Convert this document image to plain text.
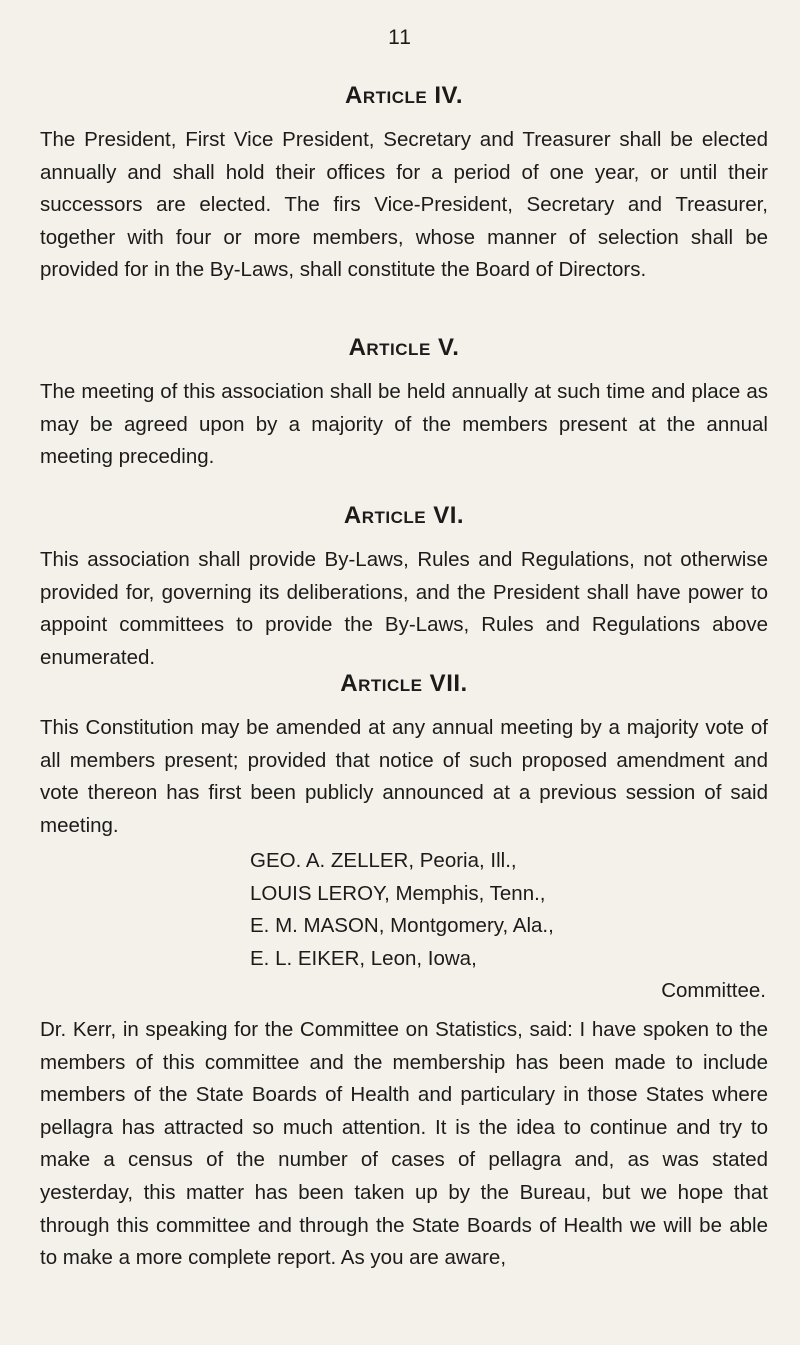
11
Article IV.

The President, First Vice President, Secretary and Treasurer shall be elected annually and shall hold their offices for a period of one year, or until their successors are elected. The firs Vice-President, Secretary and Treasurer, together with four or more members, whose manner of selection shall be provided for in the By-Laws, shall constitute the Board of Directors.

Article V.

The meeting of this association shall be held annually at such time and place as may be agreed upon by a majority of the members present at the annual meeting preceding.

Article VI.

This association shall provide By-Laws, Rules and Regulations, not otherwise provided for, governing its deliberations, and the President shall have power to appoint committees to provide the By-Laws, Rules and Regulations above enumerated.

Article VII.

This Constitution may be amended at any annual meeting by a majority vote of all members present; provided that notice of such proposed amendment and vote thereon has first been publicly announced at a previous session of said meeting.

GEO. A. ZELLER, Peoria, Ill.,
LOUIS LEROY, Memphis, Tenn.,
E. M. MASON, Montgomery, Ala.,
E. L. EIKER, Leon, Iowa,
Committee.

Dr. Kerr, in speaking for the Committee on Statistics, said: I have spoken to the members of this committee and the membership has been made to include members of the State Boards of Health and particulary in those States where pellagra has attracted so much attention. It is the idea to continue and try to make a census of the number of cases of pellagra and, as was stated yesterday, this matter has been taken up by the Bureau, but we hope that through this committee and through the State Boards of Health we will be able to make a more complete report. As you are aware,
